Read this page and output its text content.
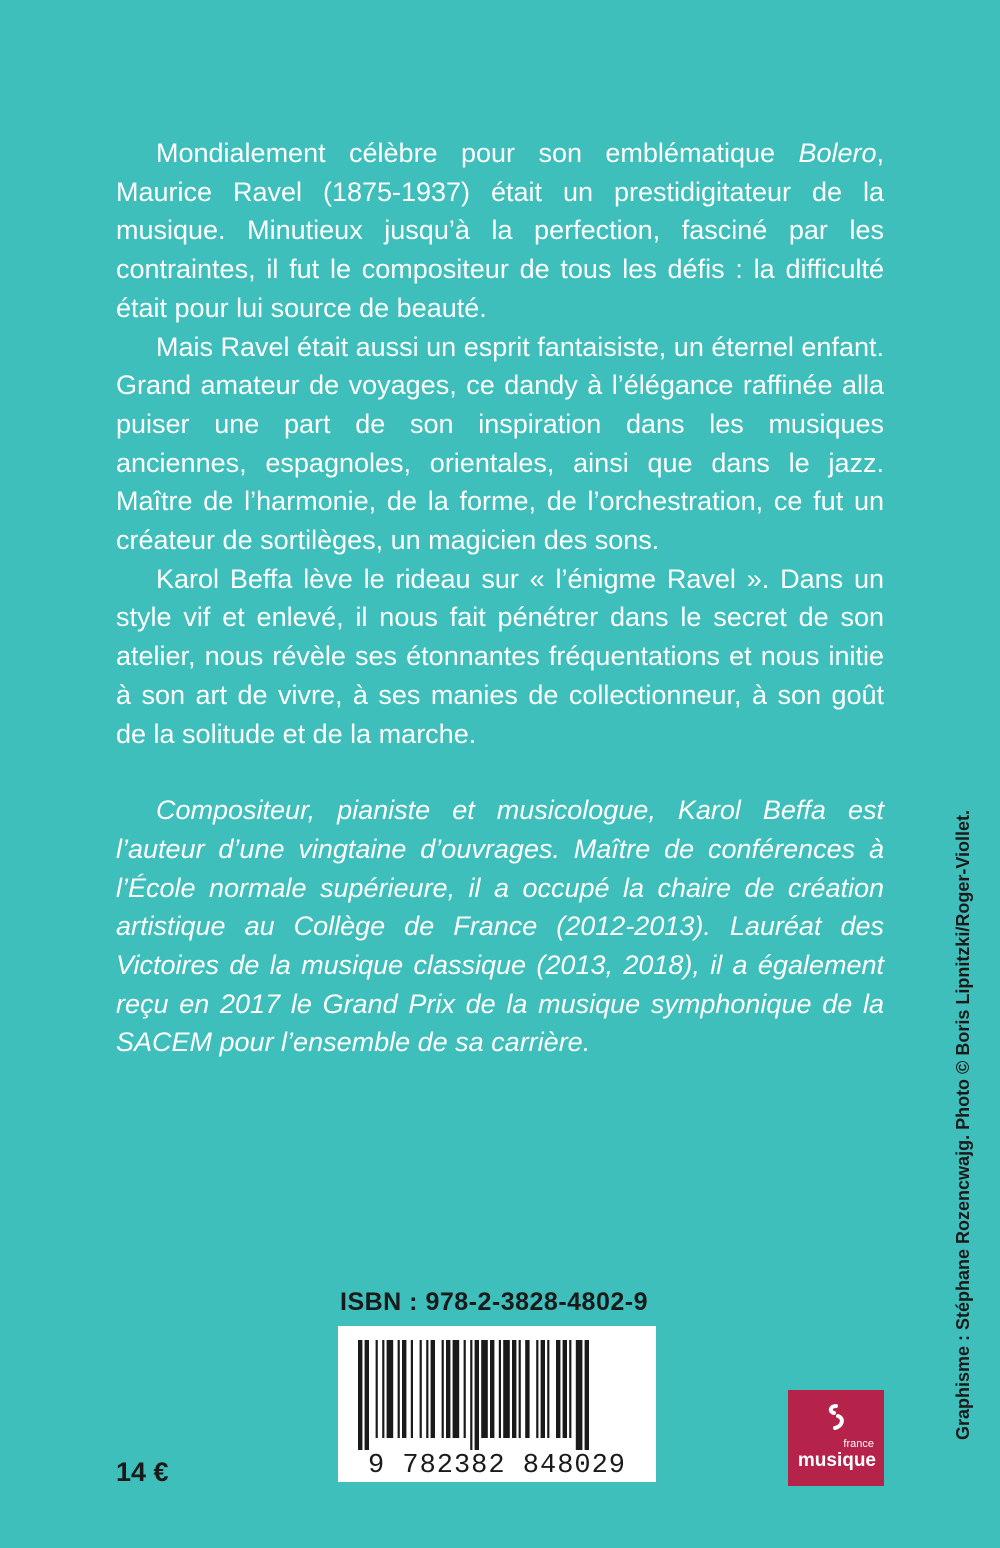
Mondialement célèbre pour son emblématique Bolero, Maurice Ravel (1875-1937) était un prestidigitateur de la musique. Minutieux jusqu’à la perfection, fasciné par les contraintes, il fut le compositeur de tous les défis : la difficulté était pour lui source de beauté.

Mais Ravel était aussi un esprit fantaisiste, un éternel enfant. Grand amateur de voyages, ce dandy à l’élégance raffinée alla puiser une part de son inspiration dans les musiques anciennes, espagnoles, orientales, ainsi que dans le jazz. Maître de l’harmonie, de la forme, de l’orchestration, ce fut un créateur de sortilèges, un magicien des sons.

Karol Beffa lève le rideau sur « l’énigme Ravel ». Dans un style vif et enlevé, il nous fait pénétrer dans le secret de son atelier, nous révèle ses étonnantes fréquentations et nous initie à son art de vivre, à ses manies de collectionneur, à son goût de la solitude et de la marche.

Compositeur, pianiste et musicologue, Karol Beffa est l’auteur d’une vingtaine d’ouvrages. Maître de conférences à l’École normale supérieure, il a occupé la chaire de création artistique au Collège de France (2012-2013). Lauréat des Victoires de la musique classique (2013, 2018), il a également reçu en 2017 le Grand Prix de la musique symphonique de la SACEM pour l’ensemble de sa carrière.	Graphisme : Stéphane Rozencwajg. Photo © Boris Lipnitzki/Roger-Viollet.
ISBN : 978-2-3828-4802-9
9 782382 848029
14 €
france
musique
